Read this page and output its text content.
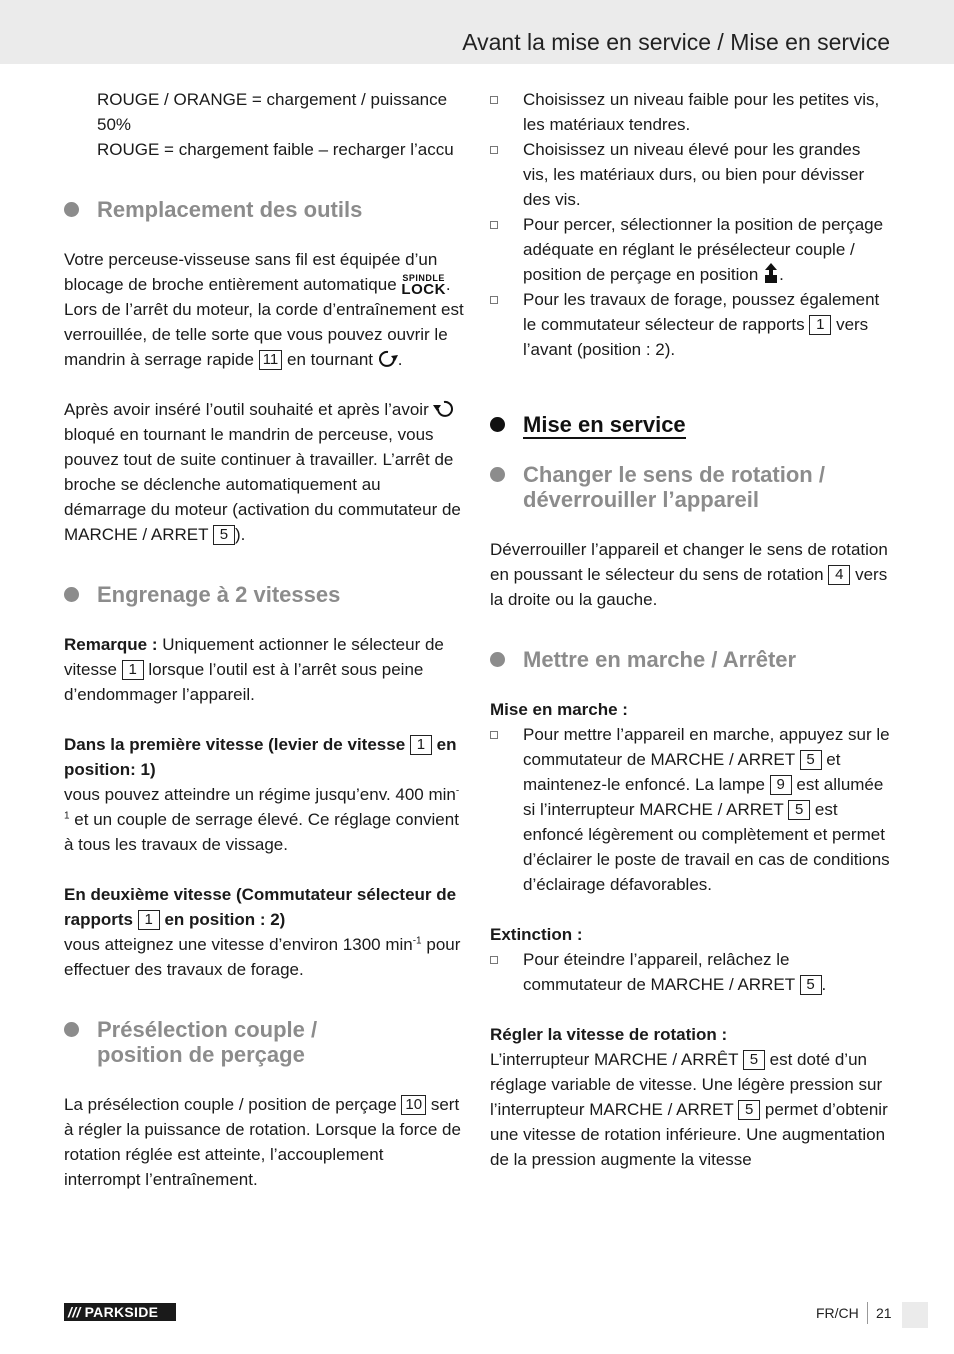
Avant la mise en service / Mise en service

ROUGE / ORANGE = chargement / puissance 50%

ROUGE = chargement faible – recharger l’accu

Remplacement des outils

Votre perceuse-visseuse sans fil est équipée d’un blocage de broche entièrement automatique SPINDLE
LOCK . Lors de l’arrêt du moteur, la corde d’entraînement est verrouillée, de telle sorte que vous pouvez ouvrir le mandrin à serrage rapide 11 en tournant .

Après avoir inséré l’outil souhaité et après l’avoir  bloqué en tournant le mandrin de perceuse, vous pouvez tout de suite continuer à travailler. L’arrêt de broche se déclenche automatiquement au démarrage du moteur (activation du commutateur de MARCHE / ARRET 5 ).

Engrenage à 2 vitesses

Remarque : Uniquement actionner le sélecteur de vitesse 1 lorsque l’outil est à l’arrêt sous peine d’endommager l’appareil.

Dans la première vitesse (levier de vitesse 1 en position: 1)

vous pouvez atteindre un régime jusqu’env. 400 $\min^{-1}$ et un couple de serrage élevé. Ce réglage convient à tous les travaux de vissage.

En deuxième vitesse (Commutateur sélecteur de rapports 1 en position : 2)

vous atteignez une vitesse d’environ 1300 $\min^{-1}$ pour effectuer des travaux de forage.

Présélection couple /
position de perçage

La présélection couple / position de perçage 10 sert à régler la puissance de rotation. Lorsque la force de rotation réglée est atteinte, l’accouplement interrompt l’entraînement.

Choisissez un niveau faible pour les petites vis, les matériaux tendres.
Choisissez un niveau élevé pour les grandes vis, les matériaux durs, ou bien pour dévisser des vis.
Pour percer, sélectionner la position de perçage adéquate en réglant le présélecteur couple / position de perçage en position .
Pour les travaux de forage, poussez également le commutateur sélecteur de rapports 1 vers l’avant (position : 2).
Mise en service
Changer le sens de rotation /
déverrouiller l’appareil

Déverrouiller l’appareil et changer le sens de rotation en poussant le sélecteur du sens de rotation 4 vers la droite ou la gauche.

Mettre en marche / Arrêter

Mise en marche :

Pour mettre l’appareil en marche, appuyez sur le commutateur de MARCHE / ARRET 5 et maintenez-le enfoncé. La lampe 9 est allumée si l’interrupteur MARCHE / ARRET 5 est enfoncé légèrement ou complètement et permet d’éclairer le poste de travail en cas de conditions d’éclairage défavorables.

Extinction :

Pour éteindre l’appareil, relâchez le commutateur de MARCHE / ARRET 5 .

Régler la vitesse de rotation :

L’interrupteur MARCHE / ARRÊT 5 est doté d’un réglage variable de vitesse. Une légère pression sur l’interrupteur MARCHE / ARRET 5 permet d’obtenir une vitesse de rotation inférieure. Une augmentation de la pression augmente la vitesse

/// PARKSIDE	FR/CH 21
